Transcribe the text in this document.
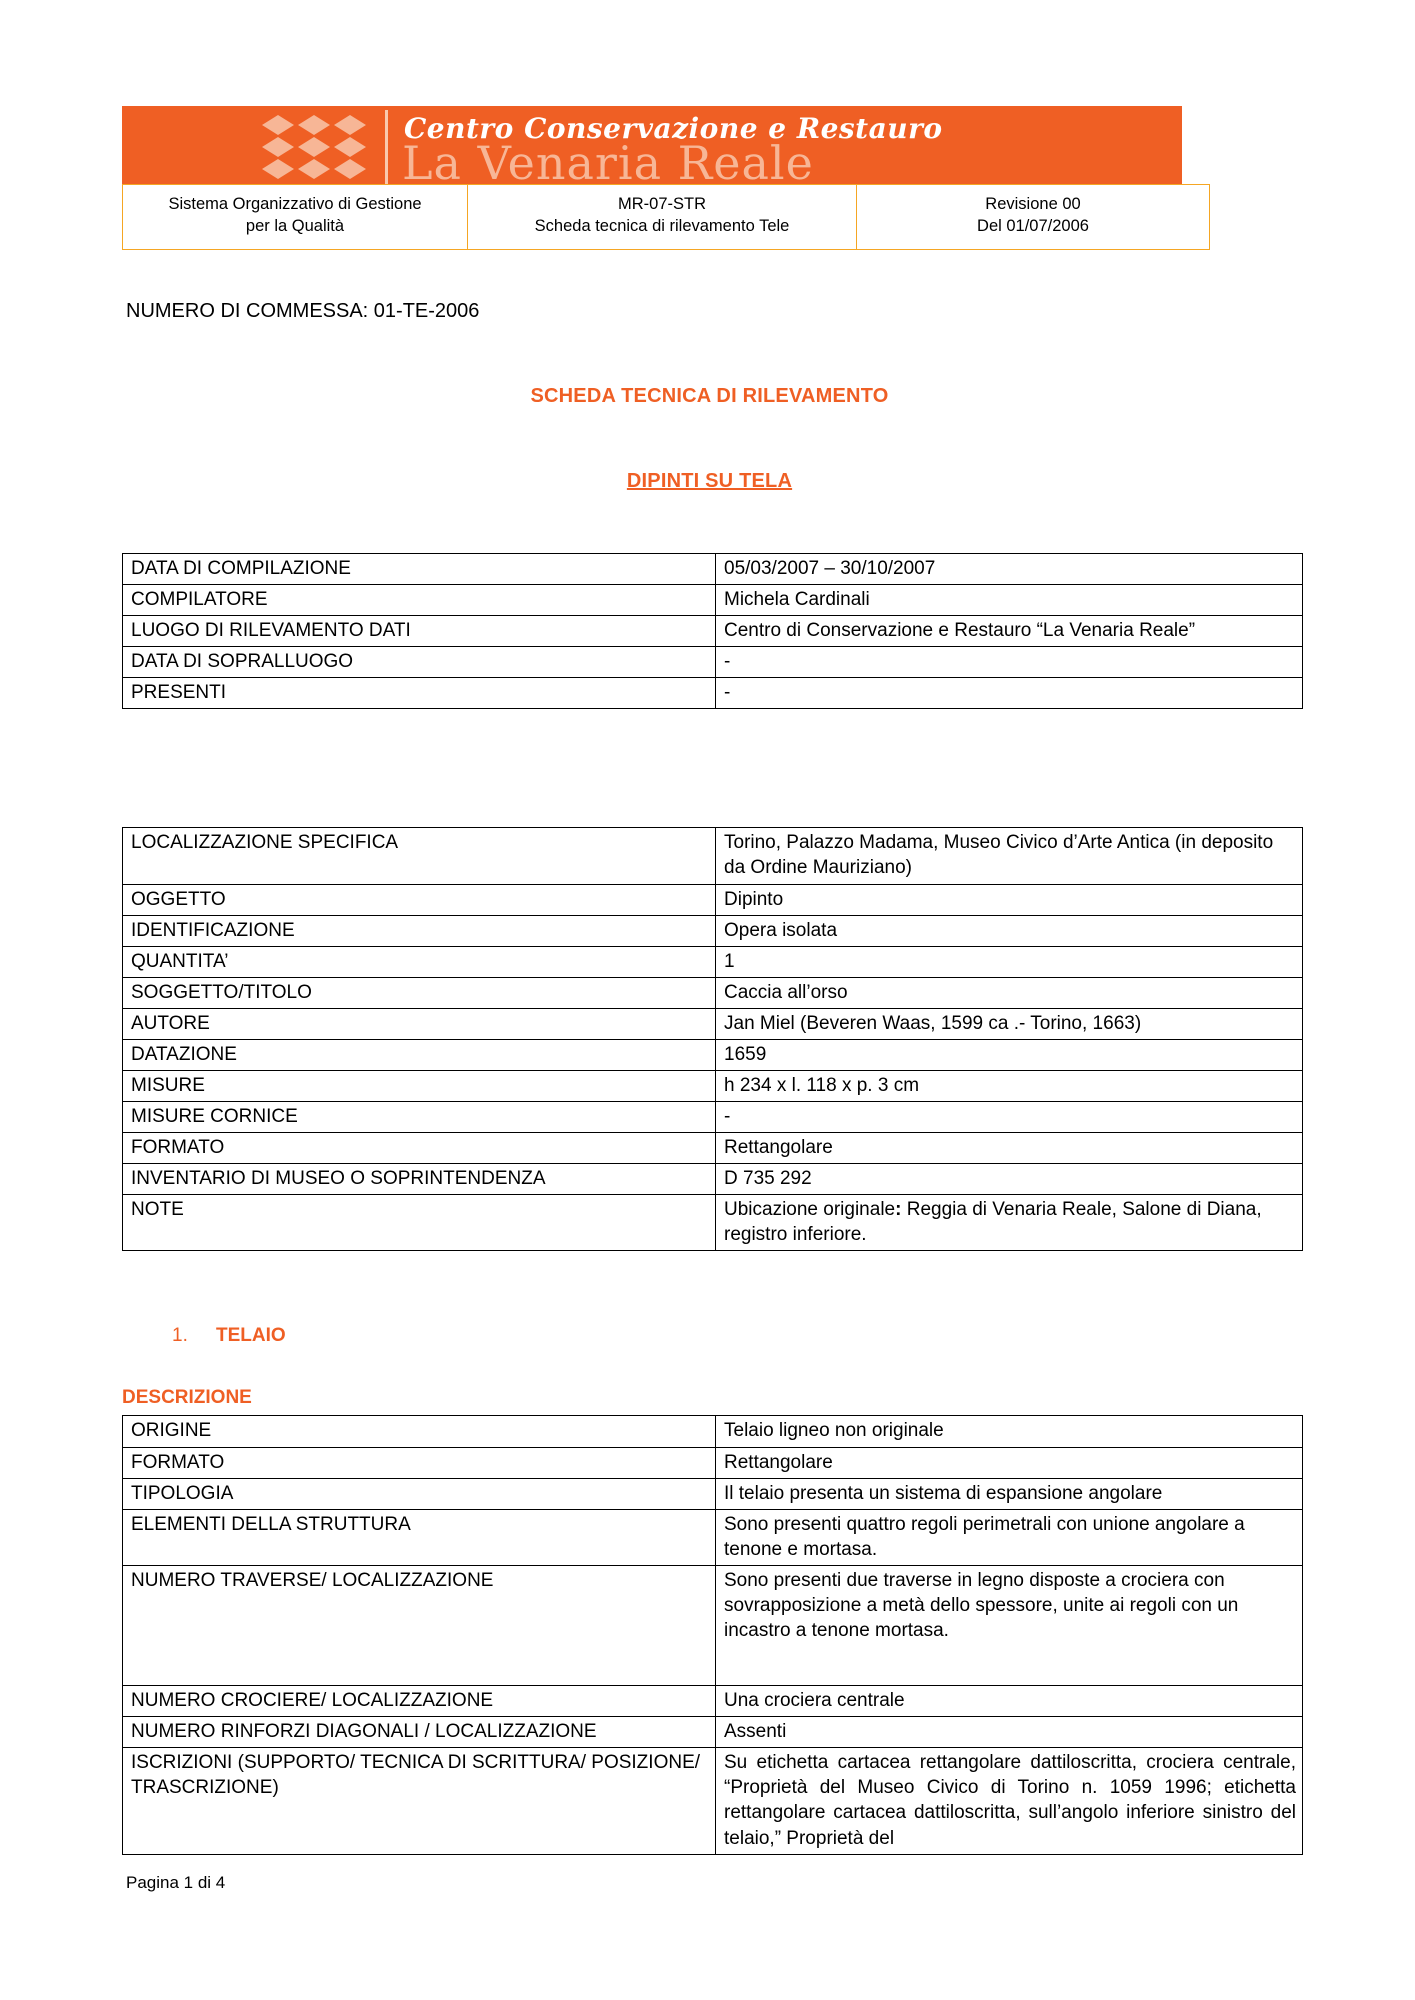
Centro Conservazione e Restauro
La Venaria Reale
Sistema Organizzativo di Gestione
per la Qualità	MR-07-STR
Scheda tecnica di rilevamento Tele	Revisione 00
Del 01/07/2006
NUMERO DI COMMESSA: 01-TE-2006
SCHEDA TECNICA DI RILEVAMENTO
DIPINTI SU TELA
DATA DI COMPILAZIONE	05/03/2007 – 30/10/2007
COMPILATORE	Michela Cardinali
LUOGO DI RILEVAMENTO DATI	Centro di Conservazione e Restauro “La Venaria Reale”
DATA DI SOPRALLUOGO	-
PRESENTI	-
LOCALIZZAZIONE SPECIFICA	Torino, Palazzo Madama, Museo Civico d’Arte Antica (in deposito da Ordine Mauriziano)
OGGETTO	Dipinto
IDENTIFICAZIONE	Opera isolata
QUANTITA’	1
SOGGETTO/TITOLO	Caccia all’orso
AUTORE	Jan Miel (Beveren Waas, 1599 ca .- Torino, 1663)
DATAZIONE	1659
MISURE	h 234 x l. 118 x p. 3 cm
MISURE CORNICE	-
FORMATO	Rettangolare
INVENTARIO DI MUSEO O SOPRINTENDENZA	D 735 292
NOTE	Ubicazione originale: Reggia di Venaria Reale, Salone di Diana, registro inferiore.
1. TELAIO
DESCRIZIONE
ORIGINE	Telaio ligneo non originale
FORMATO	Rettangolare
TIPOLOGIA	Il telaio presenta un sistema di espansione angolare
ELEMENTI DELLA STRUTTURA	Sono presenti quattro regoli perimetrali con unione angolare a tenone e mortasa.
NUMERO TRAVERSE/ LOCALIZZAZIONE	Sono presenti due traverse in legno disposte a crociera con sovrapposizione a metà dello spessore, unite ai regoli con un incastro a tenone mortasa.
NUMERO CROCIERE/ LOCALIZZAZIONE	Una crociera centrale
NUMERO RINFORZI DIAGONALI / LOCALIZZAZIONE	Assenti
ISCRIZIONI (SUPPORTO/ TECNICA DI SCRITTURA/ POSIZIONE/ TRASCRIZIONE)	Su etichetta cartacea rettangolare dattiloscritta, crociera centrale, “Proprietà del Museo Civico di Torino n. 1059 1996; etichetta rettangolare cartacea dattiloscritta, sull’angolo inferiore sinistro del telaio,” Proprietà del
Pagina 1 di 4
